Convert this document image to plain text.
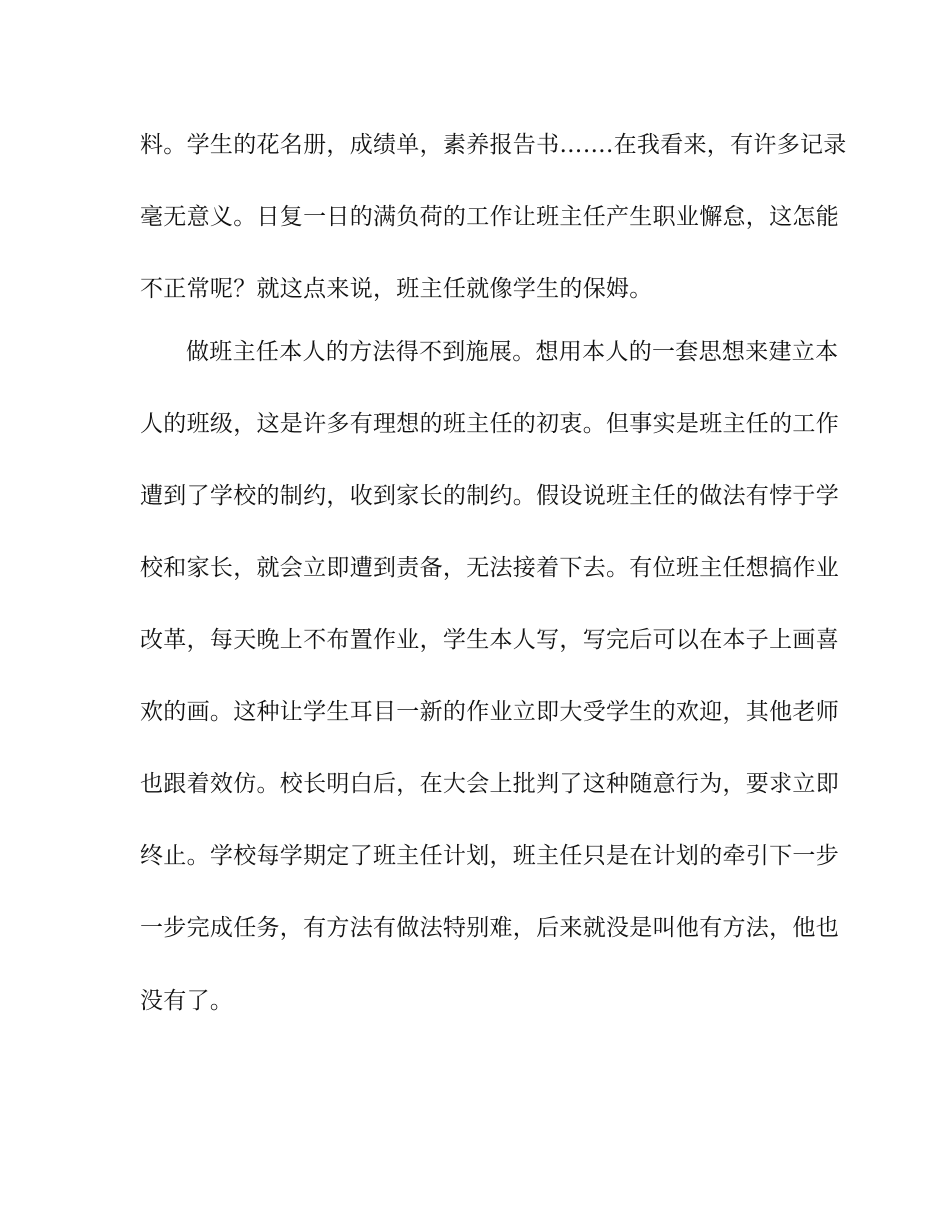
料。学生的花名册，成绩单，素养报告书…….在我看来，有许多记录
毫无意义。日复一日的满负荷的工作让班主任产生职业懈怠，这怎能
不正常呢？就这点来说，班主任就像学生的保姆。
做班主任本人的方法得不到施展。想用本人的一套思想来建立本
人的班级，这是许多有理想的班主任的初衷。但事实是班主任的工作
遭到了学校的制约，收到家长的制约。假设说班主任的做法有悖于学
校和家长，就会立即遭到责备，无法接着下去。有位班主任想搞作业
改革，每天晚上不布置作业，学生本人写，写完后可以在本子上画喜
欢的画。这种让学生耳目一新的作业立即大受学生的欢迎，其他老师
也跟着效仿。校长明白后，在大会上批判了这种随意行为，要求立即
终止。学校每学期定了班主任计划，班主任只是在计划的牵引下一步
一步完成任务，有方法有做法特别难，后来就没是叫他有方法，他也
没有了。
